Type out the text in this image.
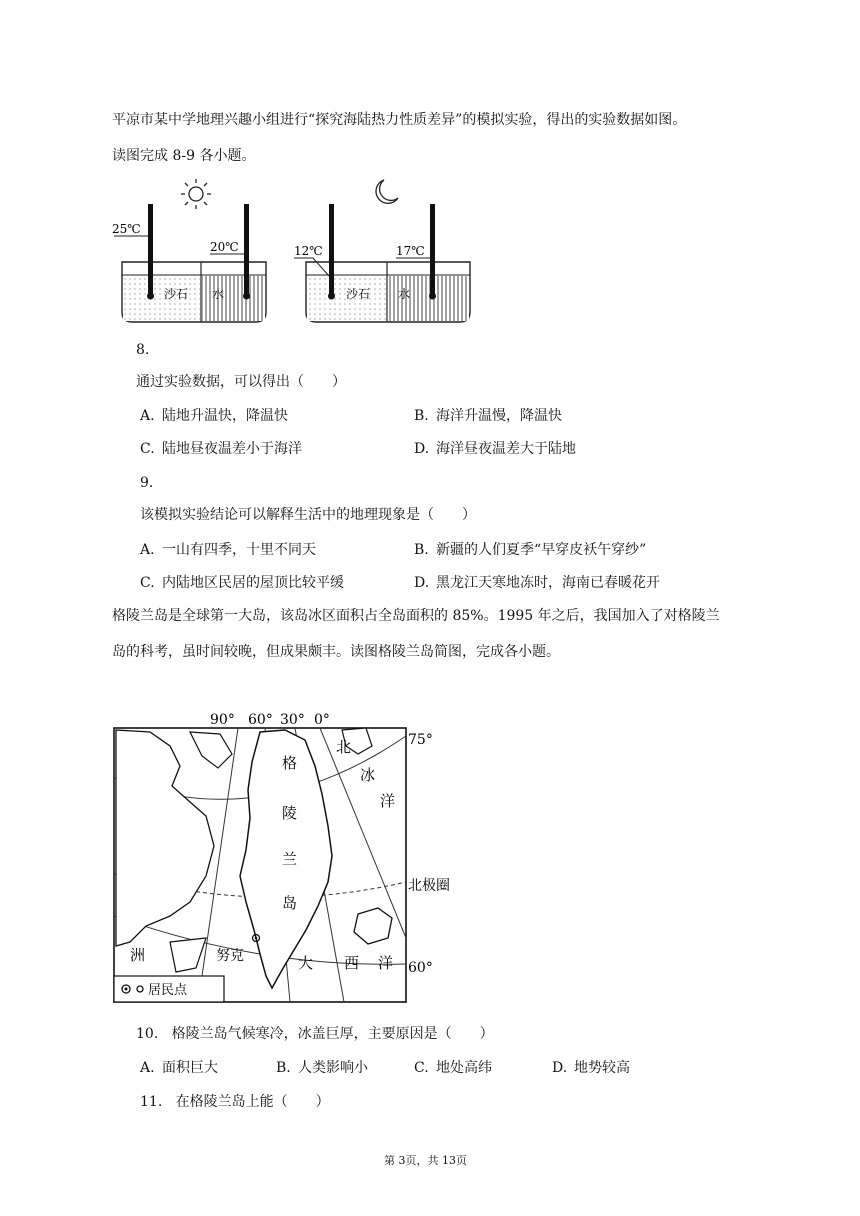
平凉市某中学地理兴趣小组进行“探究海陆热力性质差异”的模拟实验，得出的实验数据如图。
读图完成 8-9 各小题。
25℃
20℃
沙石 水
12℃	17℃
沙石 水
8.
通过实验数据，可以得出（　　）
A. 陆地升温快，降温快	B. 海洋升温慢，降温快
C. 陆地昼夜温差小于海洋	D. 海洋昼夜温差大于陆地
9.
该模拟实验结论可以解释生活中的地理现象是（　　）
A. 一山有四季，十里不同天	B. 新疆的人们夏季“早穿皮袄午穿纱”
C. 内陆地区民居的屋顶比较平缓	D. 黑龙江天寒地冻时，海南已春暖花开
格陵兰岛是全球第一大岛，该岛冰区面积占全岛面积的 85%。1995 年之后，我国加入了对格陵兰
岛的科考，虽时间较晚，但成果颇丰。读图格陵兰岛简图，完成各小题。
居民点
90° 60° 30° 0°
75°
60°
北极圈
北
冰
洋
格
陵
兰
岛
努克	大 西 洋
洲
10. 格陵兰岛气候寒冷，冰盖巨厚，主要原因是（　　）
A. 面积巨大	B. 人类影响小	C. 地处高纬	D. 地势较高
11. 在格陵兰岛上能（　　）
第 3页，共 13页
